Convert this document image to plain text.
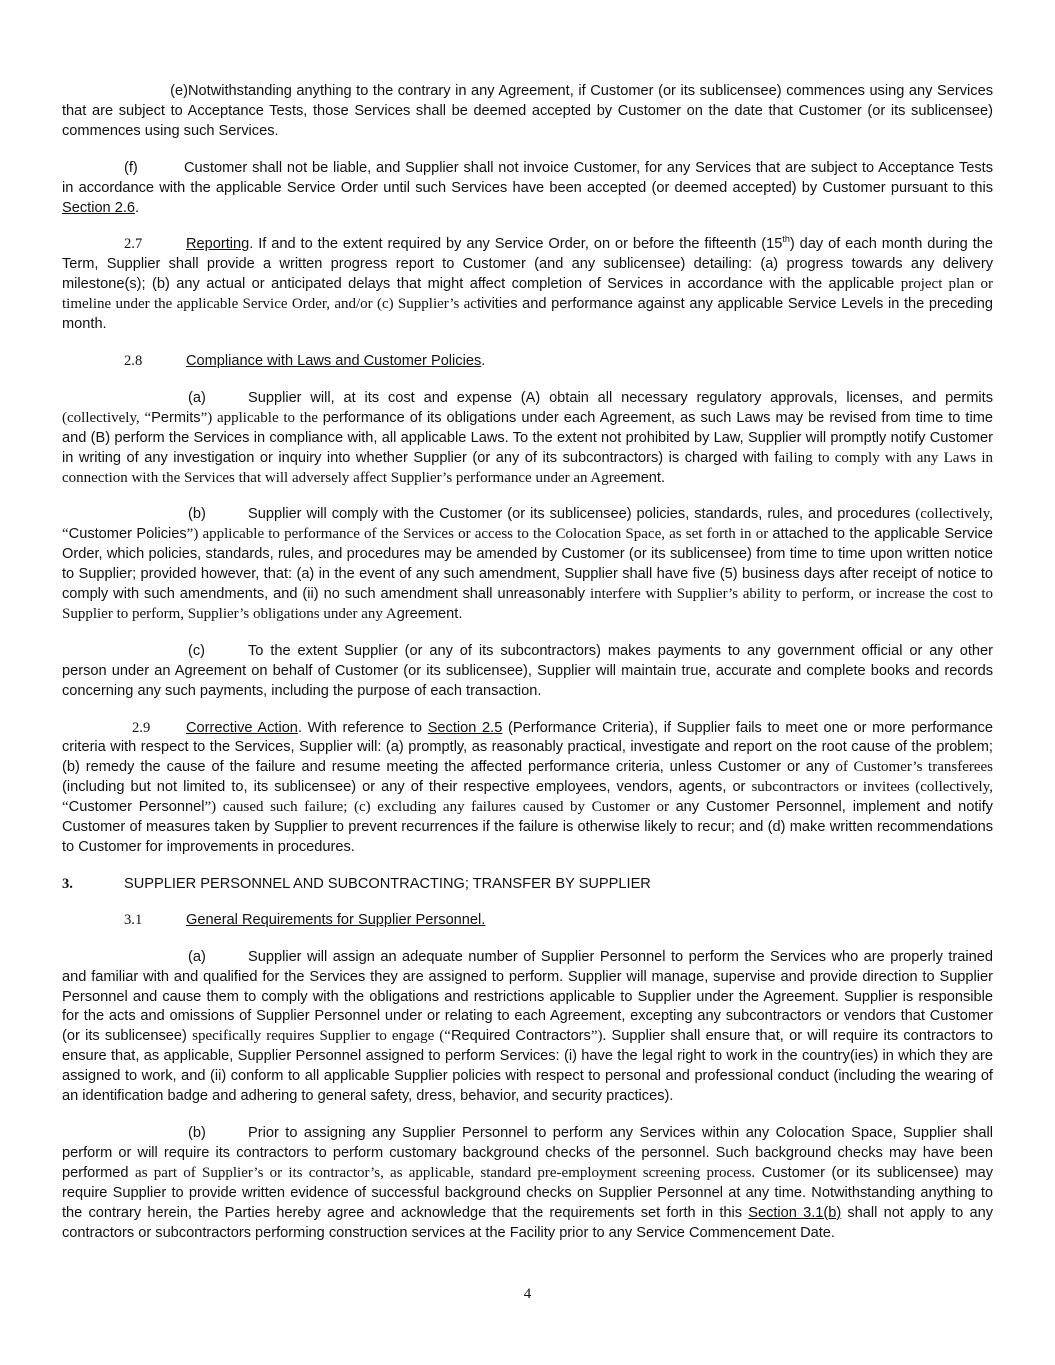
(e)Notwithstanding anything to the contrary in any Agreement, if Customer (or its sublicensee) commences using any Services that are subject to Acceptance Tests, those Services shall be deemed accepted by Customer on the date that Customer (or its sublicensee) commences using such Services.

(f)	Customer shall not be liable, and Supplier shall not invoice Customer, for any Services that are subject to Acceptance Tests in accordance with the applicable Service Order until such Services have been accepted (or deemed accepted) by Customer pursuant to this Section 2.6.

2.7	Reporting. If and to the extent required by any Service Order, on or before the fifteenth (15th) day of each month during the Term, Supplier shall provide a written progress report to Customer (and any sublicensee) detailing: (a) progress towards any delivery milestone(s); (b) any actual or anticipated delays that might affect completion of Services in accordance with the applicable project plan or timeline under the applicable Service Order, and/or (c) Supplier’s activities and performance against any applicable Service Levels in the preceding month.

2.8	Compliance with Laws and Customer Policies.

(a)	Supplier will, at its cost and expense (A) obtain all necessary regulatory approvals, licenses, and permits (collectively, “Permits”) applicable to the performance of its obligations under each Agreement, as such Laws may be revised from time to time and (B) perform the Services in compliance with, all applicable Laws. To the extent not prohibited by Law, Supplier will promptly notify Customer in writing of any investigation or inquiry into whether Supplier (or any of its subcontractors) is charged with failing to comply with any Laws in connection with the Services that will adversely affect Supplier’s performance under an Agreement.

(b)	Supplier will comply with the Customer (or its sublicensee) policies, standards, rules, and procedures (collectively, “Customer Policies”) applicable to performance of the Services or access to the Colocation Space, as set forth in or attached to the applicable Service Order, which policies, standards, rules, and procedures may be amended by Customer (or its sublicensee) from time to time upon written notice to Supplier; provided however, that: (a) in the event of any such amendment, Supplier shall have five (5) business days after receipt of notice to comply with such amendments, and (ii) no such amendment shall unreasonably interfere with Supplier’s ability to perform, or increase the cost to Supplier to perform, Supplier’s obligations under any Agreement.

(c)	To the extent Supplier (or any of its subcontractors) makes payments to any government official or any other person under an Agreement on behalf of Customer (or its sublicensee), Supplier will maintain true, accurate and complete books and records concerning any such payments, including the purpose of each transaction.

2.9 Corrective Action. With reference to Section 2.5 (Performance Criteria), if Supplier fails to meet one or more performance criteria with respect to the Services, Supplier will: (a) promptly, as reasonably practical, investigate and report on the root cause of the problem; (b) remedy the cause of the failure and resume meeting the affected performance criteria, unless Customer or any of Customer’s transferees (including but not limited to, its sublicensee) or any of their respective employees, vendors, agents, or subcontractors or invitees (collectively, “Customer Personnel”) caused such failure; (c) excluding any failures caused by Customer or any Customer Personnel, implement and notify Customer of measures taken by Supplier to prevent recurrences if the failure is otherwise likely to recur; and (d) make written recommendations to Customer for improvements in procedures.

3.	SUPPLIER PERSONNEL AND SUBCONTRACTING; TRANSFER BY SUPPLIER

3.1	General Requirements for Supplier Personnel.

(a)	Supplier will assign an adequate number of Supplier Personnel to perform the Services who are properly trained and familiar with and qualified for the Services they are assigned to perform. Supplier will manage, supervise and provide direction to Supplier Personnel and cause them to comply with the obligations and restrictions applicable to Supplier under the Agreement. Supplier is responsible for the acts and omissions of Supplier Personnel under or relating to each Agreement, excepting any subcontractors or vendors that Customer (or its sublicensee) specifically requires Supplier to engage (“Required Contractors”). Supplier shall ensure that, or will require its contractors to ensure that, as applicable, Supplier Personnel assigned to perform Services: (i) have the legal right to work in the country(ies) in which they are assigned to work, and (ii) conform to all applicable Supplier policies with respect to personal and professional conduct (including the wearing of an identification badge and adhering to general safety, dress, behavior, and security practices).

(b)	Prior to assigning any Supplier Personnel to perform any Services within any Colocation Space, Supplier shall perform or will require its contractors to perform customary background checks of the personnel. Such background checks may have been performed as part of Supplier’s or its contractor’s, as applicable, standard pre-employment screening process. Customer (or its sublicensee) may require Supplier to provide written evidence of successful background checks on Supplier Personnel at any time. Notwithstanding anything to the contrary herein, the Parties hereby agree and acknowledge that the requirements set forth in this Section 3.1(b) shall not apply to any contractors or subcontractors performing construction services at the Facility prior to any Service Commencement Date.

4
